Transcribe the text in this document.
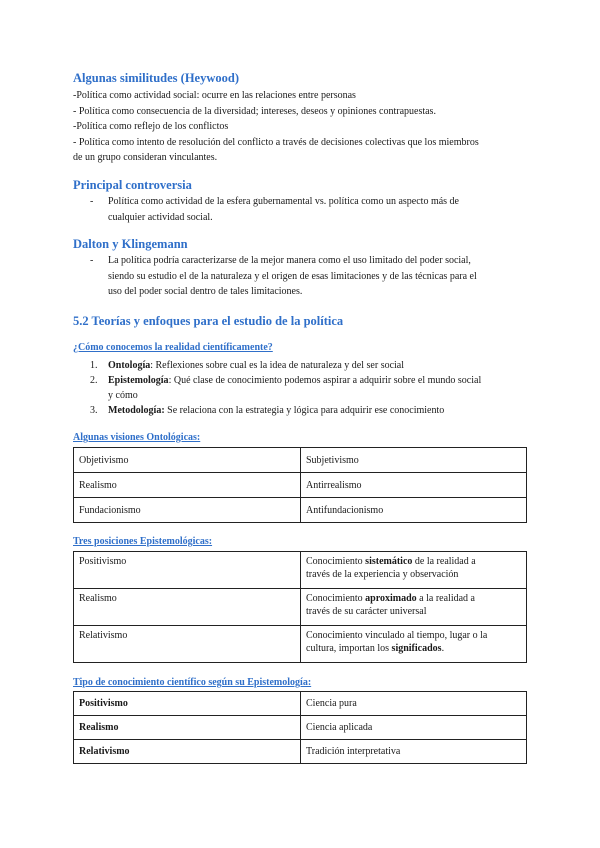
Algunas similitudes (Heywood)

-Política como actividad social: ocurre en las relaciones entre personas
- Política como consecuencia de la diversidad; intereses, deseos y opiniones contrapuestas.
-Política como reflejo de los conflictos
- Política como intento de resolución del conflicto a través de decisiones colectivas que los miembros
de un grupo consideran vinculantes.

Principal controversia

- Política como actividad de la esfera gubernamental vs. política como un aspecto más de
cualquier actividad social.

Dalton y Klingemann

- La política podría caracterizarse de la mejor manera como el uso limitado del poder social,
siendo su estudio el de la naturaleza y el origen de esas limitaciones y de las técnicas para el
uso del poder social dentro de tales limitaciones.

5.2 Teorías y enfoques para el estudio de la política

¿Cómo conocemos la realidad científicamente?

1. Ontología: Reflexiones sobre cual es la idea de naturaleza y del ser social
2. Epistemología: Qué clase de conocimiento podemos aspirar a adquirir sobre el mundo social
y cómo
3. Metodología: Se relaciona con la estrategia y lógica para adquirir ese conocimiento

Algunas visiones Ontológicas:

Objetivismo	Subjetivismo
Realismo	Antirrealismo
Fundacionismo	Antifundacionismo

Tres posiciones Epistemológicas:

Positivismo	Conocimiento sistemático de la realidad a
través de la experiencia y observación
Realismo	Conocimiento aproximado a la realidad a
través de su carácter universal
Relativismo	Conocimiento vinculado al tiempo, lugar o la
cultura, importan los significados.

Tipo de conocimiento científico según su Epistemología:

Positivismo	Ciencia pura
Realismo	Ciencia aplicada
Relativismo	Tradición interpretativa
